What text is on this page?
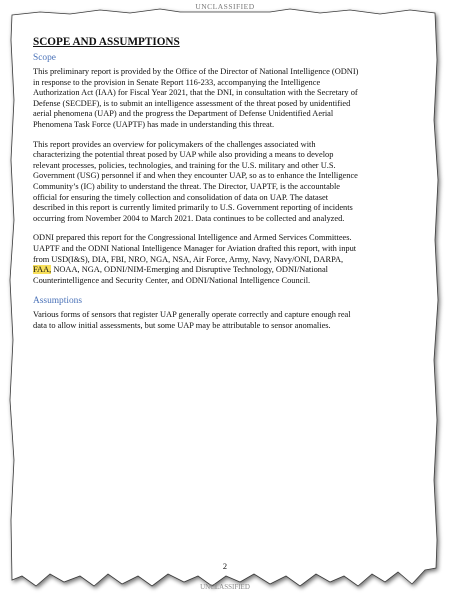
UNCLASSIFIED
SCOPE AND ASSUMPTIONS
Scope
This preliminary report is provided by the Office of the Director of National Intelligence (ODNI)
in response to the provision in Senate Report 116-233, accompanying the Intelligence
Authorization Act (IAA) for Fiscal Year 2021, that the DNI, in consultation with the Secretary of
Defense (SECDEF), is to submit an intelligence assessment of the threat posed by unidentified
aerial phenomena (UAP) and the progress the Department of Defense Unidentified Aerial
Phenomena Task Force (UAPTF) has made in understanding this threat.
This report provides an overview for policymakers of the challenges associated with
characterizing the potential threat posed by UAP while also providing a means to develop
relevant processes, policies, technologies, and training for the U.S. military and other U.S.
Government (USG) personnel if and when they encounter UAP, so as to enhance the Intelligence
Community’s (IC) ability to understand the threat. The Director, UAPTF, is the accountable
official for ensuring the timely collection and consolidation of data on UAP. The dataset
described in this report is currently limited primarily to U.S. Government reporting of incidents
occurring from November 2004 to March 2021. Data continues to be collected and analyzed.
ODNI prepared this report for the Congressional Intelligence and Armed Services Committees.
UAPTF and the ODNI National Intelligence Manager for Aviation drafted this report, with input
from USD(I&S), DIA, FBI, NRO, NGA, NSA, Air Force, Army, Navy, Navy/ONI, DARPA,
FAA, NOAA, NGA, ODNI/NIM-Emerging and Disruptive Technology, ODNI/National
Counterintelligence and Security Center, and ODNI/National Intelligence Council.
Assumptions
Various forms of sensors that register UAP generally operate correctly and capture enough real
data to allow initial assessments, but some UAP may be attributable to sensor anomalies.
2
UNCLASSIFIED
